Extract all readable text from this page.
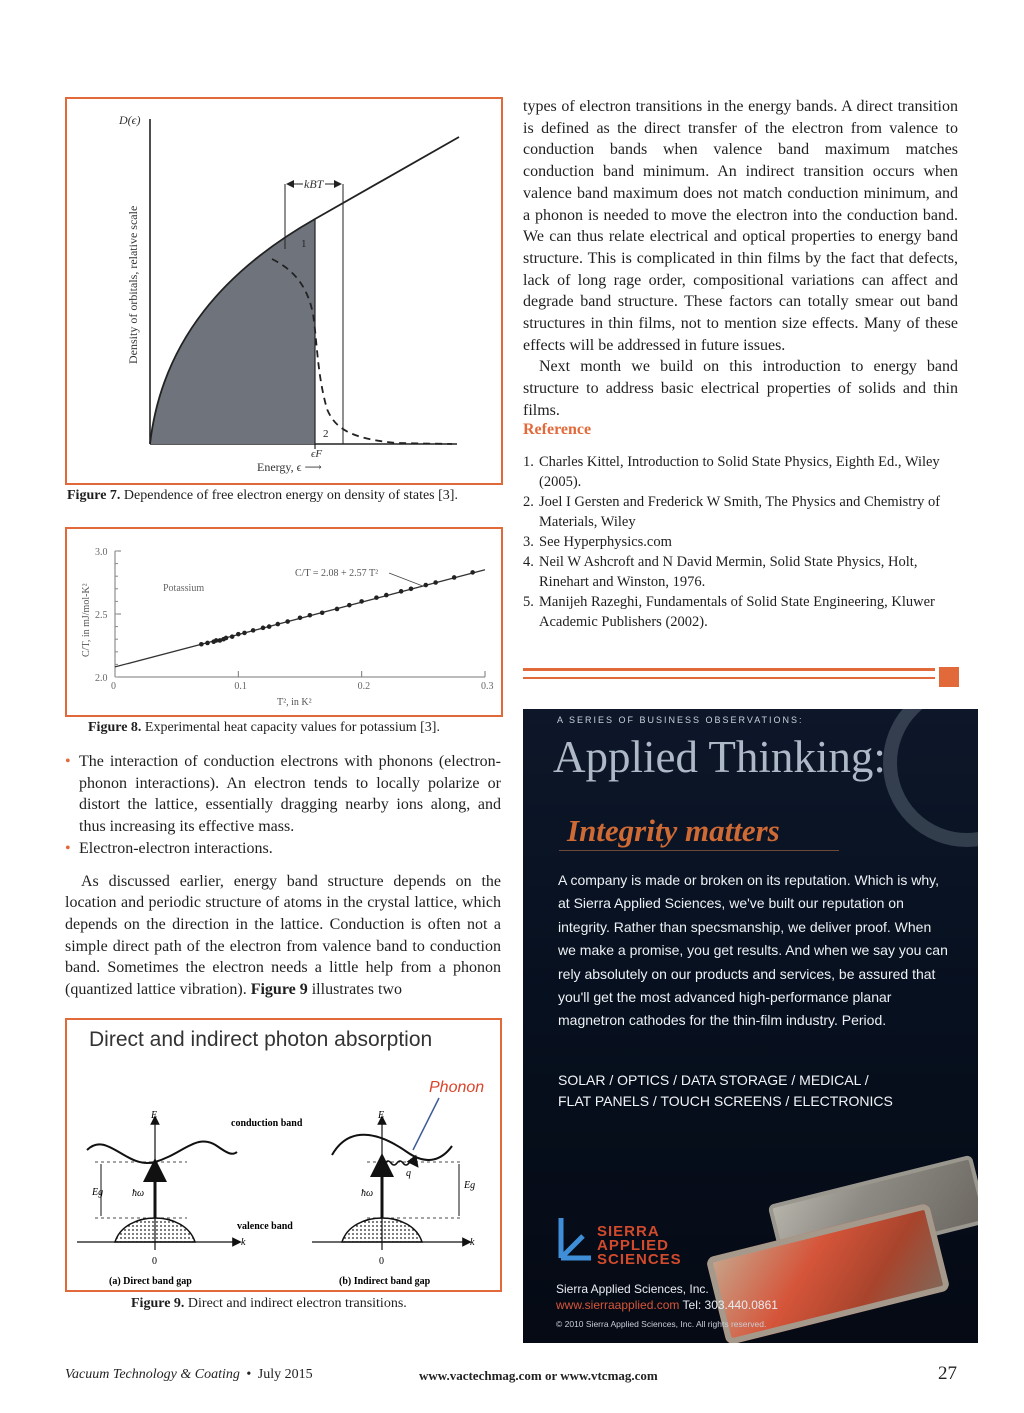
kBT
D(ϵ)
Density of orbitals, relative scale
Energy, ϵ ⟶
ϵF
1
2
Figure 7. Dependence of free electron energy on density of states [3].
0	0.1	0.2	0.3
2.0
2.5
3.0
C/T, in mJ/mol-K²
T², in K²
Potassium
C/T = 2.08 + 2.57 T²
Figure 8. Experimental heat capacity values for potassium [3].
• The interaction of conduction electrons with phonons (electron-phonon interactions). An electron tends to locally polarize or distort the lattice, essentially dragging nearby ions along, and thus increasing its effective mass.
• Electron-electron interactions.

As discussed earlier, energy band structure depends on the location and periodic structure of atoms in the crystal lattice, which depends on the direction in the lattice. Conduction is often not a simple direct path of the electron from valence band to conduction band. Sometimes the electron needs a little help from a phonon (quantized lattice vibration). Figure 9 illustrates two

Direct and indirect photon absorption
Phonon
Eg	ħω
E
k
0
(a) Direct band gap
conduction band
valence band
Eg
ħω
q
E
k
0
(b) Indirect band gap
Figure 9. Direct and indirect electron transitions.

types of electron transitions in the energy bands. A direct transition is defined as the direct transfer of the electron from valence to conduction bands when valence band maximum matches conduction band minimum. An indirect transition occurs when valence band maximum does not match conduction minimum, and a phonon is needed to move the electron into the conduction band. We can thus relate electrical and optical properties to energy band structure. This is complicated in thin films by the fact that defects, lack of long rage order, compositional variations can affect and degrade band structure. These factors can totally smear out band structures in thin films, not to mention size effects. Many of these effects will be addressed in future issues.

Next month we build on this introduction to energy band structure to address basic electrical properties of solids and thin films.

Reference
1. Charles Kittel, Introduction to Solid State Physics, Eighth Ed., Wiley (2005).
2. Joel I Gersten and Frederick W Smith, The Physics and Chemistry of Materials, Wiley
3. See Hyperphysics.com
4. Neil W Ashcroft and N David Mermin, Solid State Physics, Holt, Rinehart and Winston, 1976.
5. Manijeh Razeghi, Fundamentals of Solid State Engineering, Kluwer Academic Publishers (2002).
A SERIES OF BUSINESS OBSERVATIONS:
Applied Thinking:
Integrity matters
A company is made or broken on its reputation. Which is why, at Sierra Applied Sciences, we've built our reputation on integrity. Rather than specsmanship, we deliver proof. When we make a promise, you get results. And when we say you can rely absolutely on our products and services, be assured that you'll get the most advanced high-performance planar magnetron cathodes for the thin-film industry. Period.
SOLAR / OPTICS / DATA STORAGE / MEDICAL /
FLAT PANELS / TOUCH SCREENS / ELECTRONICS
SIERRA
APPLIED
SCIENCES
Sierra Applied Sciences, Inc.
www.sierraapplied.com Tel: 303.440.0861
© 2010 Sierra Applied Sciences, Inc. All rights reserved.
Vacuum Technology & Coating • July 2015	www.vactechmag.com or www.vtcmag.com	27
